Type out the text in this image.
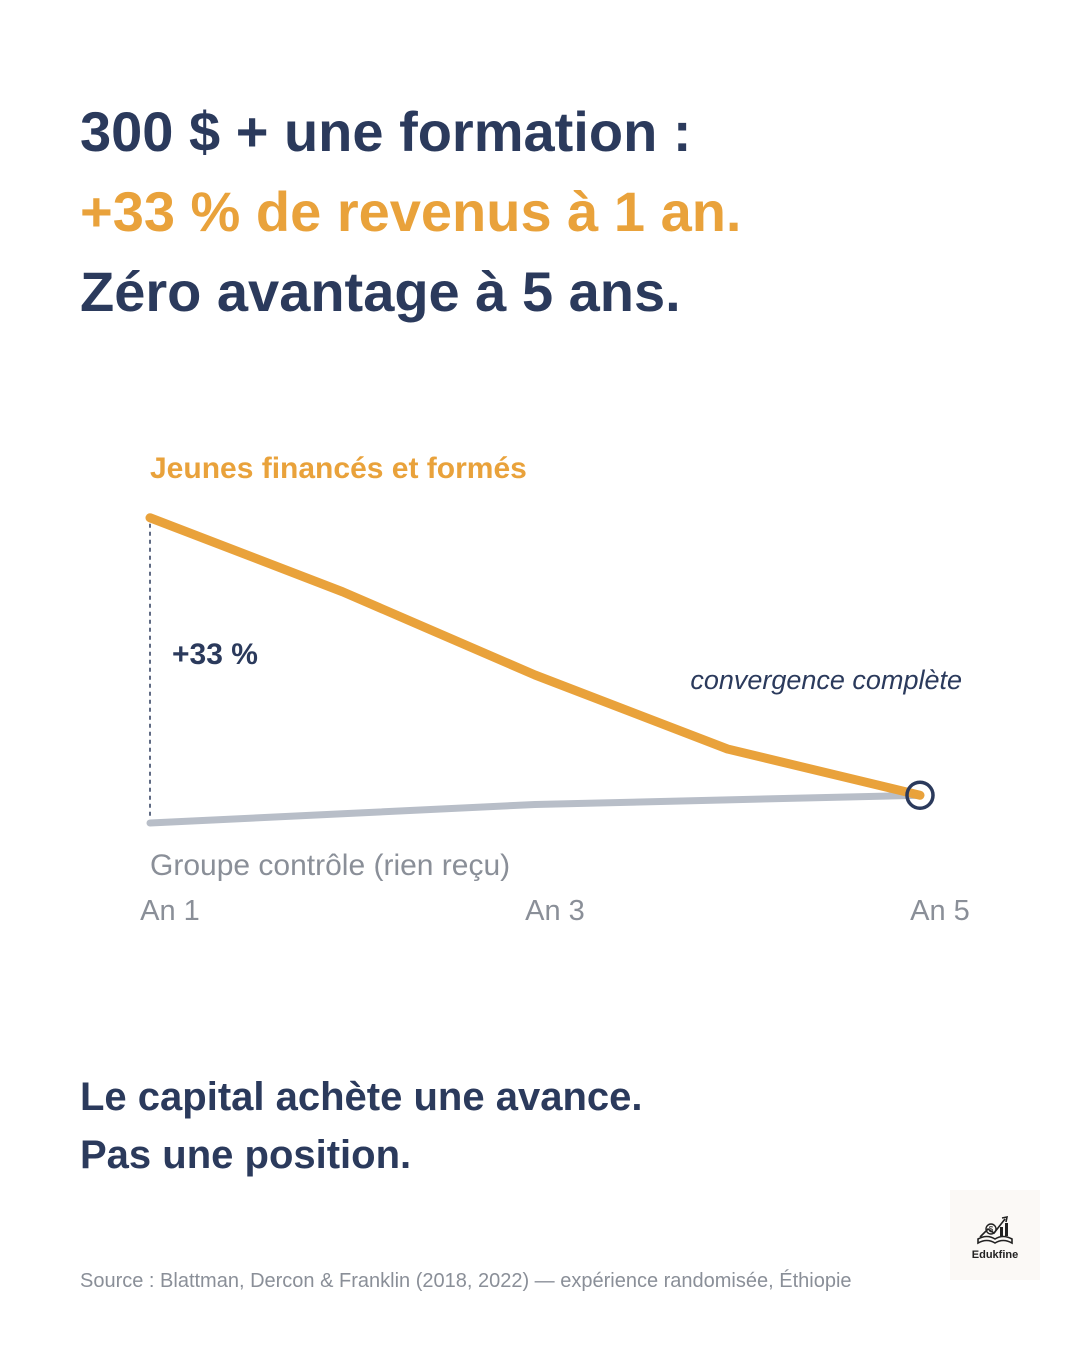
300 $ + une formation :
+33 % de revenus à 1 an.
Zéro avantage à 5 ans.
Jeunes financés et formés
Groupe contrôle (rien reçu)
+33 %
convergence complète
An 1	An 3	An 5
Le capital achète une avance.
Pas une position.
$
Edukfine
Source : Blattman, Dercon & Franklin (2018, 2022) — expérience randomisée, Éthiopie
